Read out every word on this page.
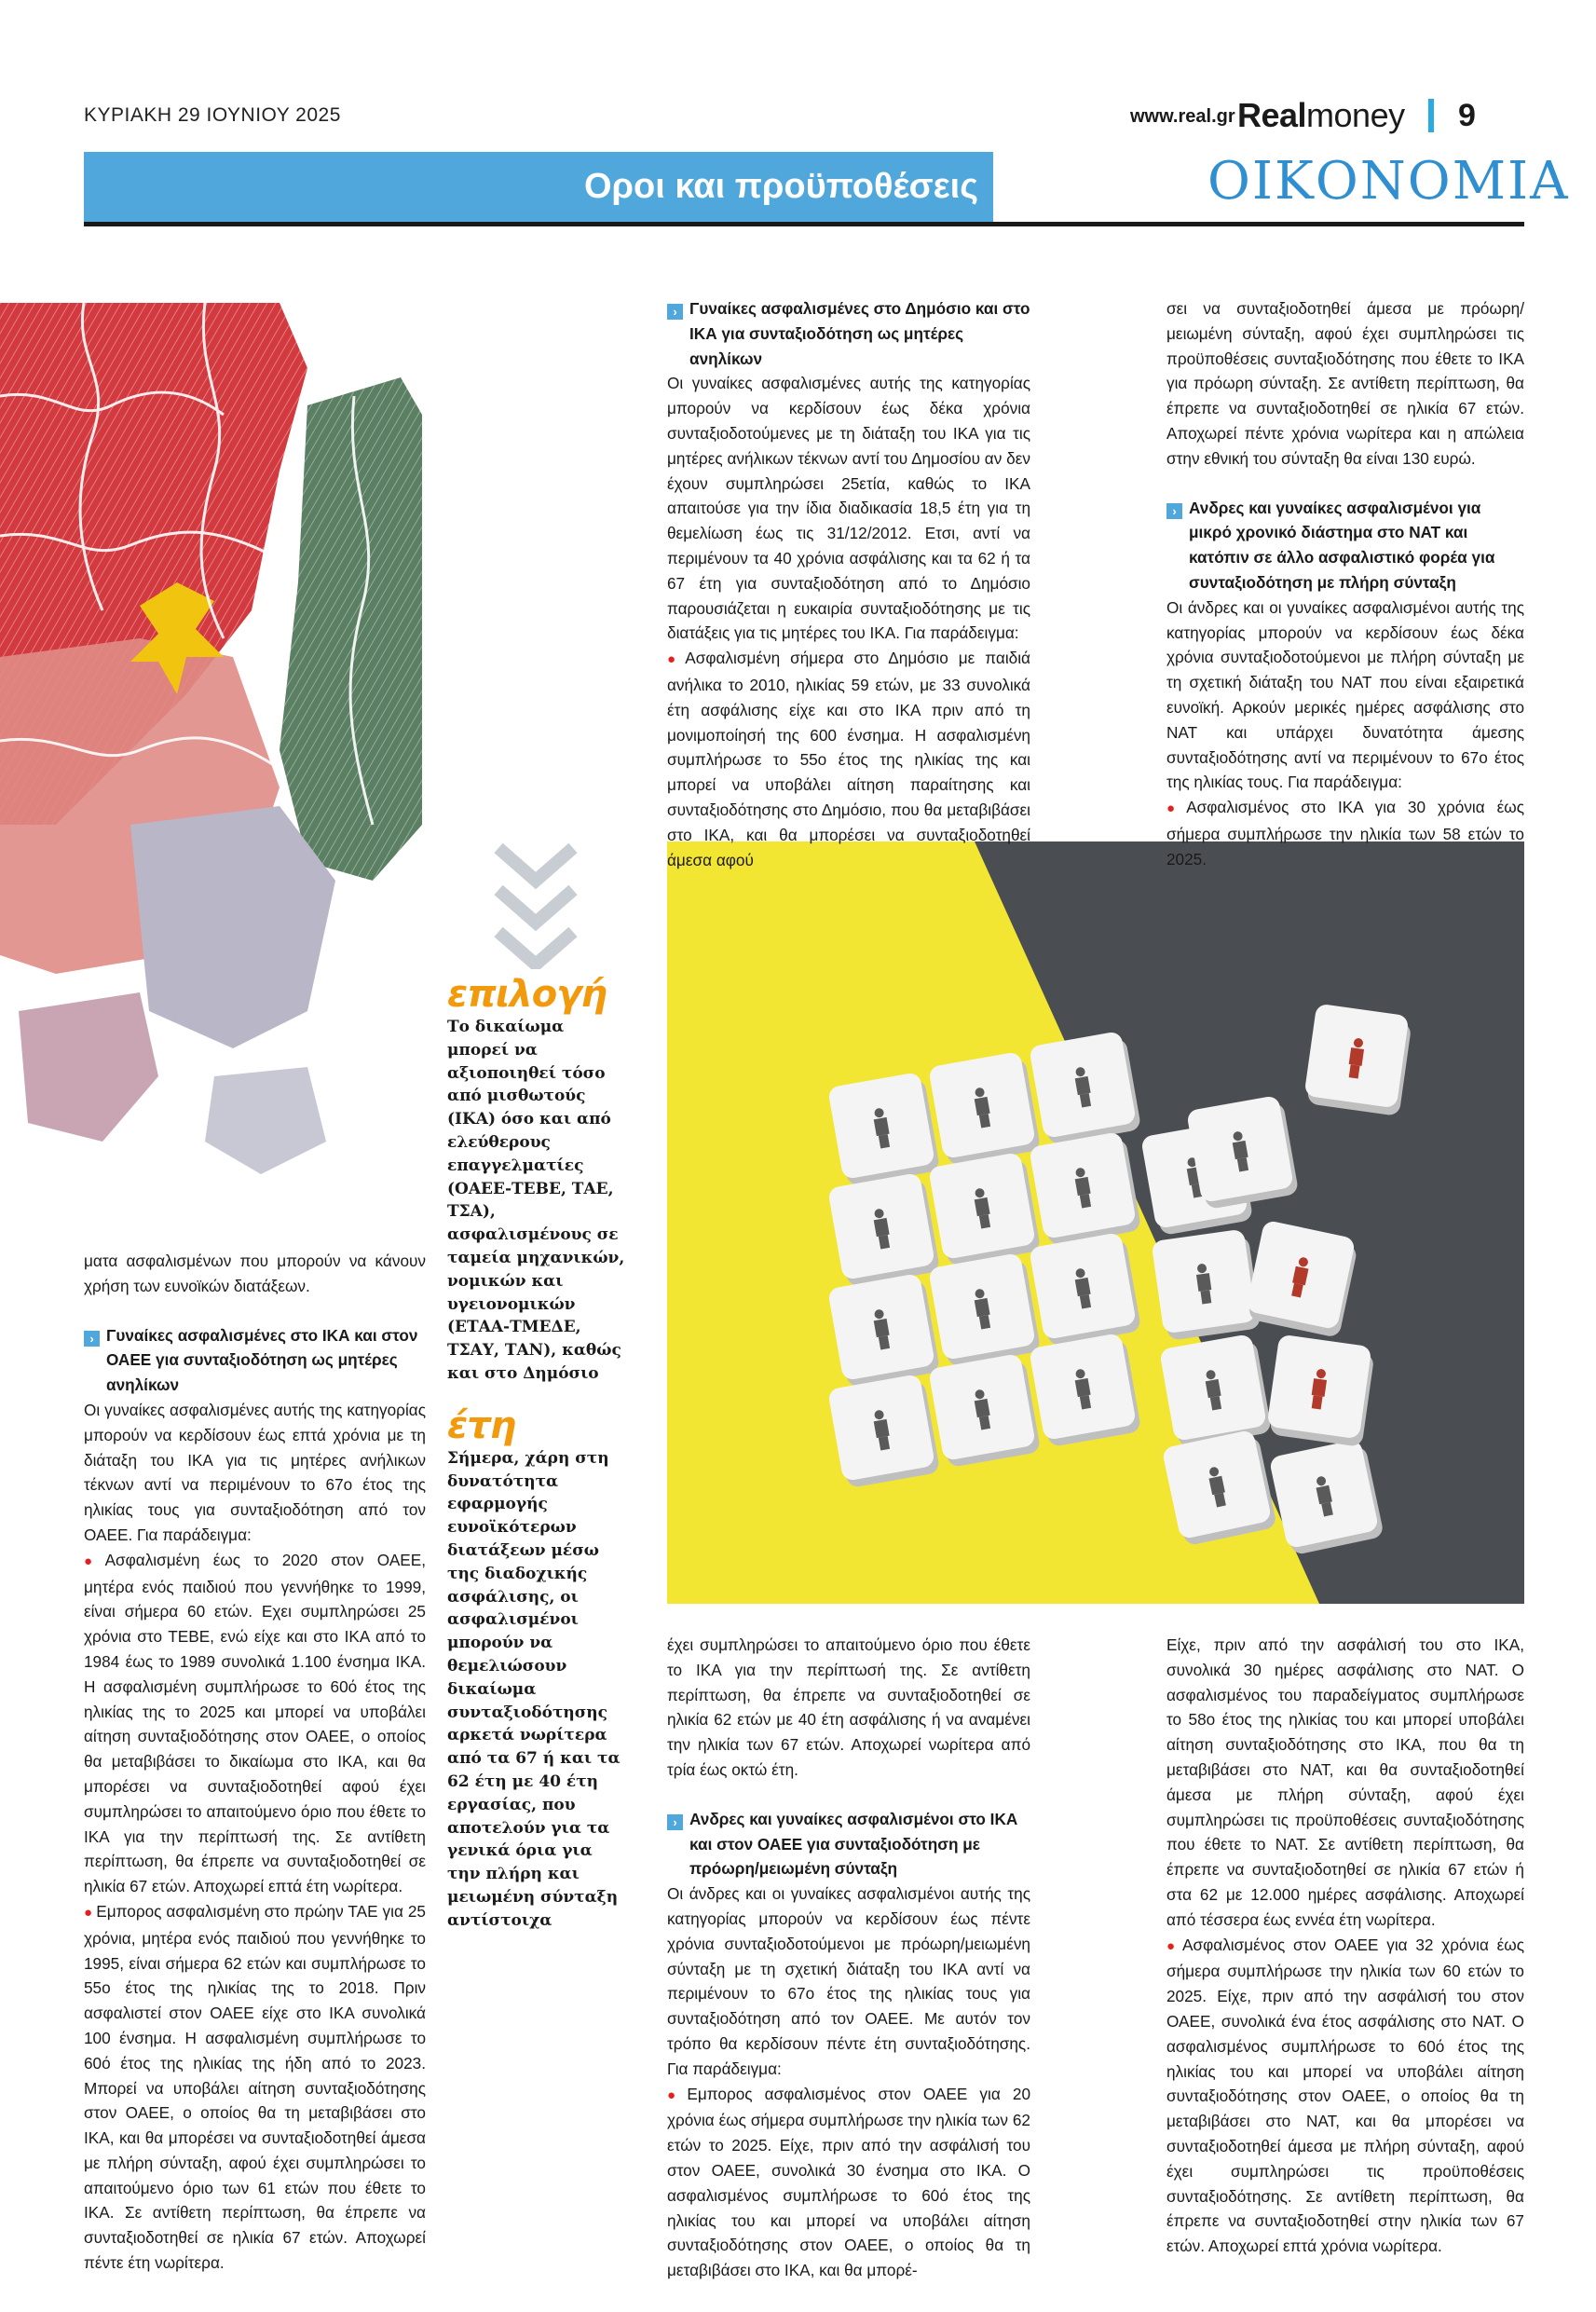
ΚΥΡΙΑΚΗ 29 ΙΟΥΝΙΟΥ 2025	www.real.gr Realmoney 9
Οροι και προϋποθέσεις	ΟΙΚΟΝΟΜΙΑ
επιλογή
Το δικαίωμα μπορεί να αξιοποιηθεί τόσο από μισθωτούς (ΙΚΑ) όσο και από ελεύθερους επαγγελματίες (ΟΑΕΕ-ΤΕΒΕ, ΤΑΕ, ΤΣΑ), ασφαλισμένους σε ταμεία μηχανικών, νομικών και υγειονομικών (ΕΤΑΑ-ΤΜΕΔΕ, ΤΣΑΥ, ΤΑΝ), καθώς και στο Δημόσιο
έτη
Σήμερα, χάρη στη δυνατότητα εφαρμογής ευνοϊκότερων διατάξεων μέσω της διαδοχικής ασφάλισης, οι ασφαλισμένοι μπορούν να θεμελιώσουν δικαίωμα συνταξιοδότησης αρκετά νωρίτερα από τα 67 ή και τα 62 έτη με 40 έτη εργασίας, που αποτελούν για τα γενικά όρια για την πλήρη και μειωμένη σύνταξη αντίστοιχα

ματα ασφαλισμένων που μπορούν να κάνουν χρήση των ευνοϊκών διατάξεων.

› Γυναίκες ασφαλισμένες στο ΙΚΑ και στον ΟΑΕΕ για συνταξιοδότηση ως μητέρες ανηλίκων

Οι γυναίκες ασφαλισμένες αυτής της κατηγορίας μπορούν να κερδίσουν έως επτά χρόνια με τη διάταξη του ΙΚΑ για τις μητέρες ανήλικων τέκνων αντί να περιμένουν το 67ο έτος της ηλικίας τους για συνταξιοδότηση από τον ΟΑΕΕ. Για παράδειγμα:

● Ασφαλισμένη έως το 2020 στον ΟΑΕΕ, μητέρα ενός παιδιού που γεννήθηκε το 1999, είναι σήμερα 60 ετών. Εχει συμπληρώσει 25 χρόνια στο ΤΕΒΕ, ενώ είχε και στο ΙΚΑ από το 1984 έως το 1989 συνολικά 1.100 ένσημα ΙΚΑ. Η ασφαλισμένη συμπλήρωσε το 60ό έτος της ηλικίας της το 2025 και μπορεί να υποβάλει αίτηση συνταξιοδότησης στον ΟΑΕΕ, ο οποίος θα μεταβιβάσει το δικαίωμα στο ΙΚΑ, και θα μπορέσει να συνταξιοδοτηθεί αφού έχει συμπληρώσει το απαιτούμενο όριο που έθετε το ΙΚΑ για την περίπτωσή της. Σε αντίθετη περίπτωση, θα έπρεπε να συνταξιοδοτηθεί σε ηλικία 67 ετών. Αποχωρεί επτά έτη νωρίτερα.

● Εμπορος ασφαλισμένη στο πρώην ΤΑΕ για 25 χρόνια, μητέρα ενός παιδιού που γεννήθηκε το 1995, είναι σήμερα 62 ετών και συμπλήρωσε το 55ο έτος της ηλικίας της το 2018. Πριν ασφαλιστεί στον ΟΑΕΕ είχε στο ΙΚΑ συνολικά 100 ένσημα. Η ασφαλισμένη συμπλήρωσε το 60ό έτος της ηλικίας της ήδη από το 2023. Μπορεί να υποβάλει αίτηση συνταξιοδότησης στον ΟΑΕΕ, ο οποίος θα τη μεταβιβάσει στο ΙΚΑ, και θα μπορέσει να συνταξιοδοτηθεί άμεσα με πλήρη σύνταξη, αφού έχει συμπληρώσει το απαιτούμενο όριο των 61 ετών που έθετε το ΙΚΑ. Σε αντίθετη περίπτωση, θα έπρεπε να συνταξιοδοτηθεί σε ηλικία 67 ετών. Αποχωρεί πέντε έτη νωρίτερα.

› Γυναίκες ασφαλισμένες στο Δημόσιο και στο ΙΚΑ για συνταξιοδότηση ως μητέρες ανηλίκων

Οι γυναίκες ασφαλισμένες αυτής της κατηγορίας μπορούν να κερδίσουν έως δέκα χρόνια συνταξιοδοτούμενες με τη διάταξη του ΙΚΑ για τις μητέρες ανήλικων τέκνων αντί του Δημοσίου αν δεν έχουν συμπληρώσει 25ετία, καθώς το ΙΚΑ απαιτούσε για την ίδια διαδικασία 18,5 έτη για τη θεμελίωση έως τις 31/12/2012. Ετσι, αντί να περιμένουν τα 40 χρόνια ασφάλισης και τα 62 ή τα 67 έτη για συνταξιοδότηση από το Δημόσιο παρουσιάζεται η ευκαιρία συνταξιοδότησης με τις διατάξεις για τις μητέρες του ΙΚΑ. Για παράδειγμα:

● Ασφαλισμένη σήμερα στο Δημόσιο με παιδιά ανήλικα το 2010, ηλικίας 59 ετών, με 33 συνολικά έτη ασφάλισης είχε και στο ΙΚΑ πριν από τη μονιμοποίησή της 600 ένσημα. Η ασφαλισμένη συμπλήρωσε το 55ο έτος της ηλικίας της και μπορεί να υποβάλει αίτηση παραίτησης και συνταξιοδότησης στο Δημόσιο, που θα μεταβιβάσει στο ΙΚΑ, και θα μπορέσει να συνταξιοδοτηθεί άμεσα αφού

σει να συνταξιοδοτηθεί άμεσα με πρόωρη/μειωμένη σύνταξη, αφού έχει συμπληρώσει τις προϋποθέσεις συνταξιοδότησης που έθετε το ΙΚΑ για πρόωρη σύνταξη. Σε αντίθετη περίπτωση, θα έπρεπε να συνταξιοδοτηθεί σε ηλικία 67 ετών. Αποχωρεί πέντε χρόνια νωρίτερα και η απώλεια στην εθνική του σύνταξη θα είναι 130 ευρώ.

› Ανδρες και γυναίκες ασφαλισμένοι για μικρό χρονικό διάστημα στο ΝΑΤ και κατόπιν σε άλλο ασφαλιστικό φορέα για συνταξιοδότηση με πλήρη σύνταξη

Οι άνδρες και οι γυναίκες ασφαλισμένοι αυτής της κατηγορίας μπορούν να κερδίσουν έως δέκα χρόνια συνταξιοδοτούμενοι με πλήρη σύνταξη με τη σχετική διάταξη του ΝΑΤ που είναι εξαιρετικά ευνοϊκή. Αρκούν μερικές ημέρες ασφάλισης στο ΝΑΤ και υπάρχει δυνατότητα άμεσης συνταξιοδότησης αντί να περιμένουν το 67ο έτος της ηλικίας τους. Για παράδειγμα:

● Ασφαλισμένος στο ΙΚΑ για 30 χρόνια έως σήμερα συμπλήρωσε την ηλικία των 58 ετών το 2025.

έχει συμπληρώσει το απαιτούμενο όριο που έθετε το ΙΚΑ για την περίπτωσή της. Σε αντίθετη περίπτωση, θα έπρεπε να συνταξιοδοτηθεί σε ηλικία 62 ετών με 40 έτη ασφάλισης ή να αναμένει την ηλικία των 67 ετών. Αποχωρεί νωρίτερα από τρία έως οκτώ έτη.

› Ανδρες και γυναίκες ασφαλισμένοι στο ΙΚΑ και στον ΟΑΕΕ για συνταξιοδότηση με πρόωρη/μειωμένη σύνταξη

Οι άνδρες και οι γυναίκες ασφαλισμένοι αυτής της κατηγορίας μπορούν να κερδίσουν έως πέντε χρόνια συνταξιοδοτούμενοι με πρόωρη/μειωμένη σύνταξη με τη σχετική διάταξη του ΙΚΑ αντί να περιμένουν το 67ο έτος της ηλικίας τους για συνταξιοδότηση από τον ΟΑΕΕ. Με αυτόν τον τρόπο θα κερδίσουν πέντε έτη συνταξιοδότησης. Για παράδειγμα:

● Εμπορος ασφαλισμένος στον ΟΑΕΕ για 20 χρόνια έως σήμερα συμπλήρωσε την ηλικία των 62 ετών το 2025. Είχε, πριν από την ασφάλισή του στον ΟΑΕΕ, συνολικά 30 ένσημα στο ΙΚΑ. Ο ασφαλισμένος συμπλήρωσε το 60ό έτος της ηλικίας του και μπορεί να υποβάλει αίτηση συνταξιοδότησης στον ΟΑΕΕ, ο οποίος θα τη μεταβιβάσει στο ΙΚΑ, και θα μπορέ-

Είχε, πριν από την ασφάλισή του στο ΙΚΑ, συνολικά 30 ημέρες ασφάλισης στο ΝΑΤ. Ο ασφαλισμένος του παραδείγματος συμπλήρωσε το 58ο έτος της ηλικίας του και μπορεί υποβάλει αίτηση συνταξιοδότησης στο ΙΚΑ, που θα τη μεταβιβάσει στο ΝΑΤ, και θα συνταξιοδοτηθεί άμεσα με πλήρη σύνταξη, αφού έχει συμπληρώσει τις προϋποθέσεις συνταξιοδότησης που έθετε το ΝΑΤ. Σε αντίθετη περίπτωση, θα έπρεπε να συνταξιοδοτηθεί σε ηλικία 67 ετών ή στα 62 με 12.000 ημέρες ασφάλισης. Αποχωρεί από τέσσερα έως εννέα έτη νωρίτερα.

● Ασφαλισμένος στον ΟΑΕΕ για 32 χρόνια έως σήμερα συμπλήρωσε την ηλικία των 60 ετών το 2025. Είχε, πριν από την ασφάλισή του στον ΟΑΕΕ, συνολικά ένα έτος ασφάλισης στο ΝΑΤ. Ο ασφαλισμένος συμπλήρωσε το 60ό έτος της ηλικίας του και μπορεί να υποβάλει αίτηση συνταξιοδότησης στον ΟΑΕΕ, ο οποίος θα τη μεταβιβάσει στο ΝΑΤ, και θα μπορέσει να συνταξιοδοτηθεί άμεσα με πλήρη σύνταξη, αφού έχει συμπληρώσει τις προϋποθέσεις συνταξιοδότησης. Σε αντίθετη περίπτωση, θα έπρεπε να συνταξιοδοτηθεί στην ηλικία των 67 ετών. Αποχωρεί επτά χρόνια νωρίτερα.
